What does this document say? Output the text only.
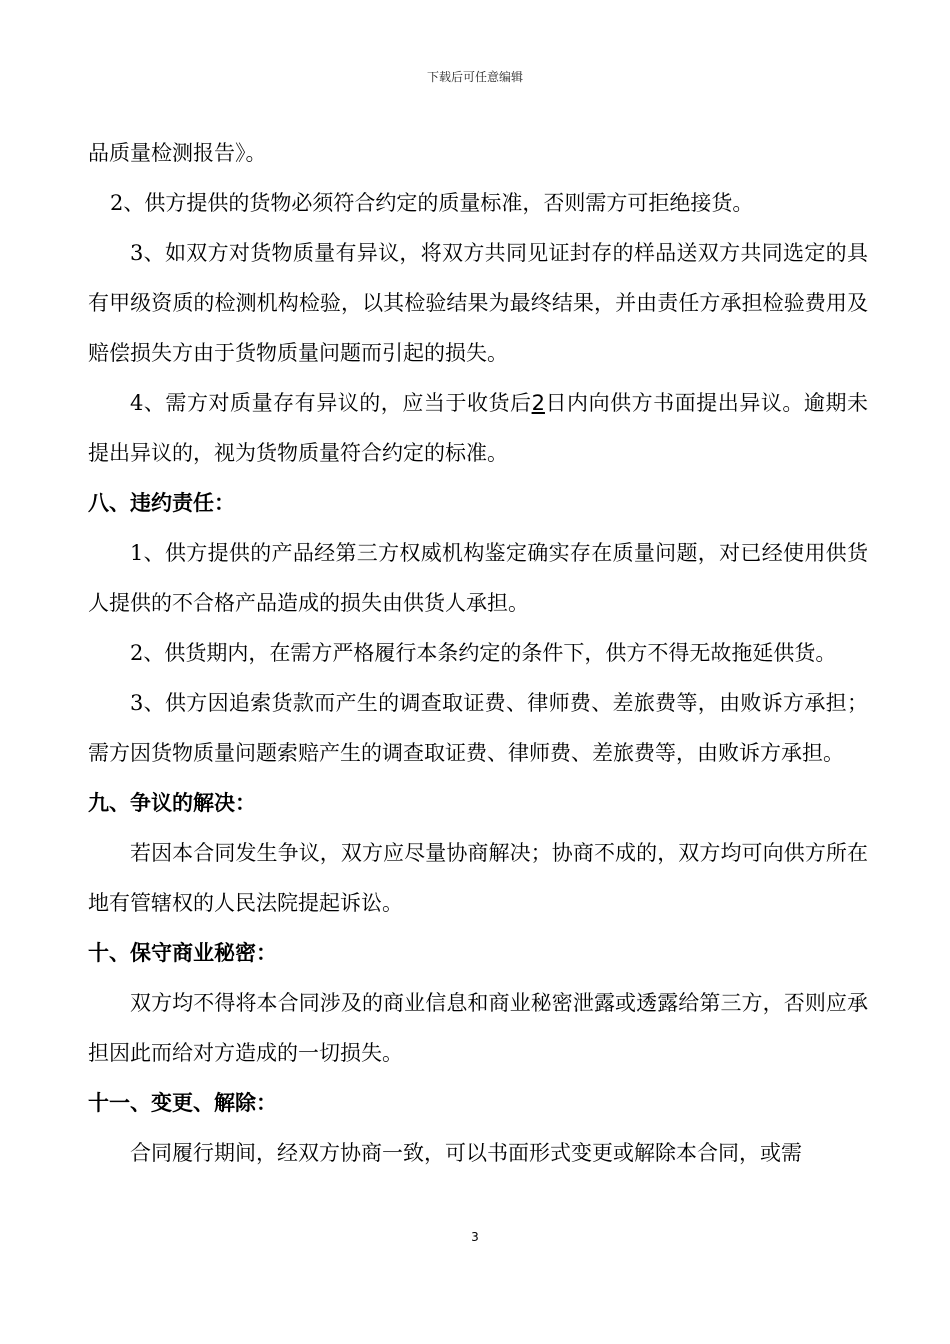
下载后可任意编辑

品质量检测报告》。

2、供方提供的货物必须符合约定的质量标准，否则需方可拒绝接货。

3、如双方对货物质量有异议，将双方共同见证封存的样品送双方共同选定的具有甲级资质的检测机构检验，以其检验结果为最终结果，并由责任方承担检验费用及赔偿损失方由于货物质量问题而引起的损失。

4、需方对质量存有异议的，应当于收货后2日内向供方书面提出异议。逾期未提出异议的，视为货物质量符合约定的标准。

八、违约责任：

1、供方提供的产品经第三方权威机构鉴定确实存在质量问题，对已经使用供货人提供的不合格产品造成的损失由供货人承担。

2、供货期内，在需方严格履行本条约定的条件下，供方不得无故拖延供货。

3、供方因追索货款而产生的调查取证费、律师费、差旅费等，由败诉方承担；需方因货物质量问题索赔产生的调查取证费、律师费、差旅费等，由败诉方承担。

九、争议的解决：

若因本合同发生争议，双方应尽量协商解决；协商不成的，双方均可向供方所在地有管辖权的人民法院提起诉讼。

十、保守商业秘密：

双方均不得将本合同涉及的商业信息和商业秘密泄露或透露给第三方，否则应承担因此而给对方造成的一切损失。

十一、变更、解除：

合同履行期间，经双方协商一致，可以书面形式变更或解除本合同，或需

3
